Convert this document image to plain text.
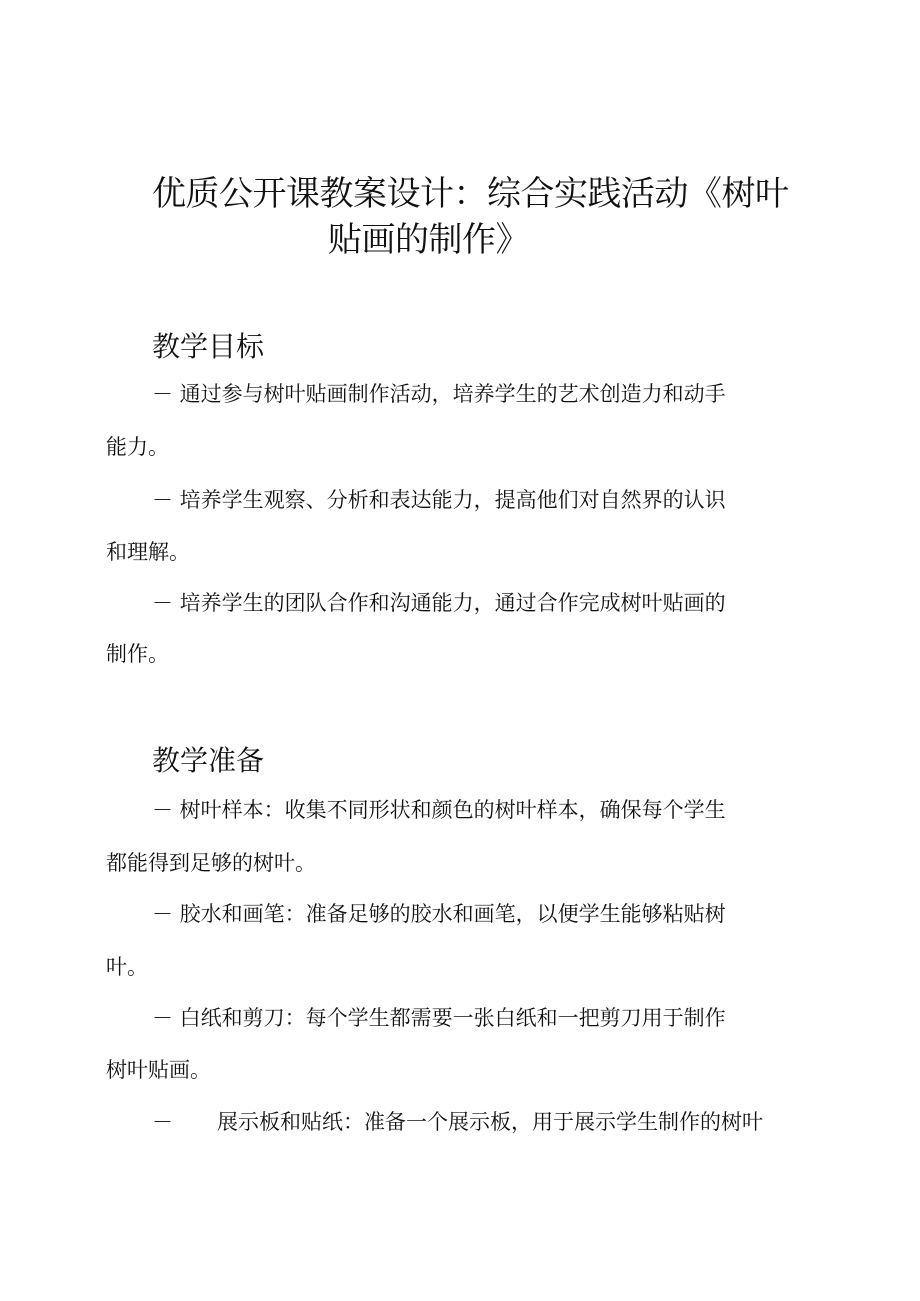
优质公开课教案设计：综合实践活动《树叶
贴画的制作》
教学目标
－ 通过参与树叶贴画制作活动，培养学生的艺术创造力和动手
能力。
－ 培养学生观察、分析和表达能力，提高他们对自然界的认识
和理解。
－ 培养学生的团队合作和沟通能力，通过合作完成树叶贴画的
制作。
教学准备
－ 树叶样本：收集不同形状和颜色的树叶样本，确保每个学生
都能得到足够的树叶。
－ 胶水和画笔：准备足够的胶水和画笔，以便学生能够粘贴树
叶。
－ 白纸和剪刀：每个学生都需要一张白纸和一把剪刀用于制作
树叶贴画。
－ 展示板和贴纸：准备一个展示板，用于展示学生制作的树叶
